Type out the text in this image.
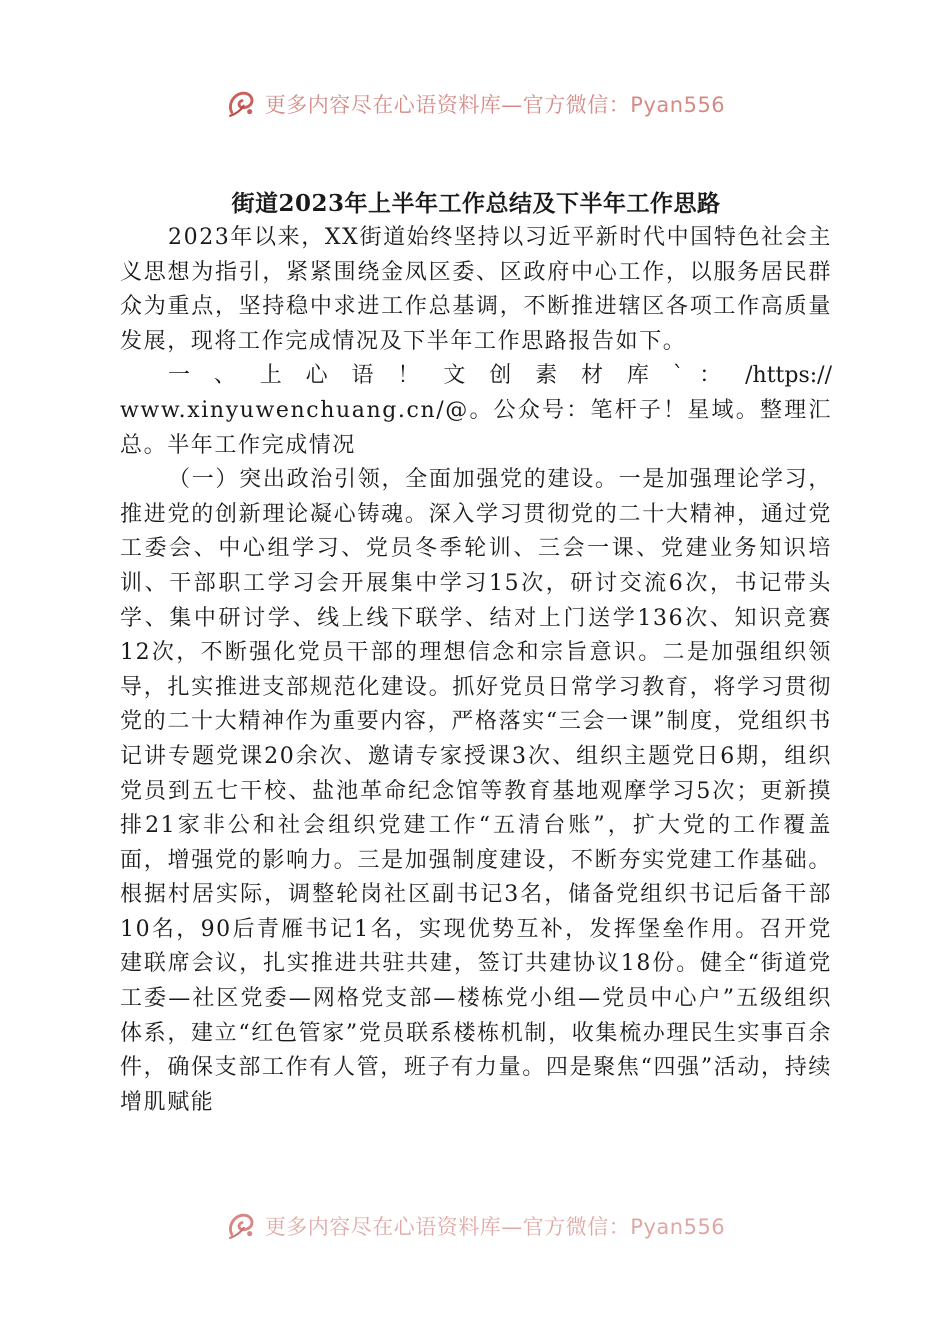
更多内容尽在心语资料库—官方微信：Pyan556
街道2023年上半年工作总结及下半年工作思路

2023年以来，XX街道始终坚持以习近平新时代中国特色社会主义思想为指引，紧紧围绕金凤区委、区政府中心工作，以服务居民群众为重点，坚持稳中求进工作总基调，不断推进辖区各项工作高质量发展，现将工作完成情况及下半年工作思路报告如下。

一 、 上 心 语 ！ 文 创 素 材 库 ` ： /https://

www.xinyuwenchuang.cn/@。公众号：笔杆子！星域。整理汇总。半年工作完成情况

（一）突出政治引领，全面加强党的建设。一是加强理论学习，推进党的创新理论凝心铸魂。深入学习贯彻党的二十大精神，通过党工委会、中心组学习、党员冬季轮训、三会一课、党建业务知识培训、干部职工学习会开展集中学习15次，研讨交流6次，书记带头学、集中研讨学、线上线下联学、结对上门送学136次、知识竞赛12次，不断强化党员干部的理想信念和宗旨意识。二是加强组织领导，扎实推进支部规范化建设。抓好党员日常学习教育，将学习贯彻党的二十大精神作为重要内容，严格落实“三会一课”制度，党组织书记讲专题党课20余次、邀请专家授课3次、组织主题党日6期，组织党员到五七干校、盐池革命纪念馆等教育基地观摩学习5次；更新摸排21家非公和社会组织党建工作“五清台账”，扩大党的工作覆盖面，增强党的影响力。三是加强制度建设，不断夯实党建工作基础。根据村居实际，调整轮岗社区副书记3名，储备党组织书记后备干部10名，90后青雁书记1名，实现优势互补，发挥堡垒作用。召开党建联席会议，扎实推进共驻共建，签订共建协议18份。健全“街道党工委—社区党委—网格党支部—楼栋党小组—党员中心户”五级组织体系，建立“红色管家”党员联系楼栋机制，收集梳办理民生实事百余件，确保支部工作有人管，班子有力量。四是聚焦“四强”活动，持续增肌赋能

更多内容尽在心语资料库—官方微信：Pyan556
